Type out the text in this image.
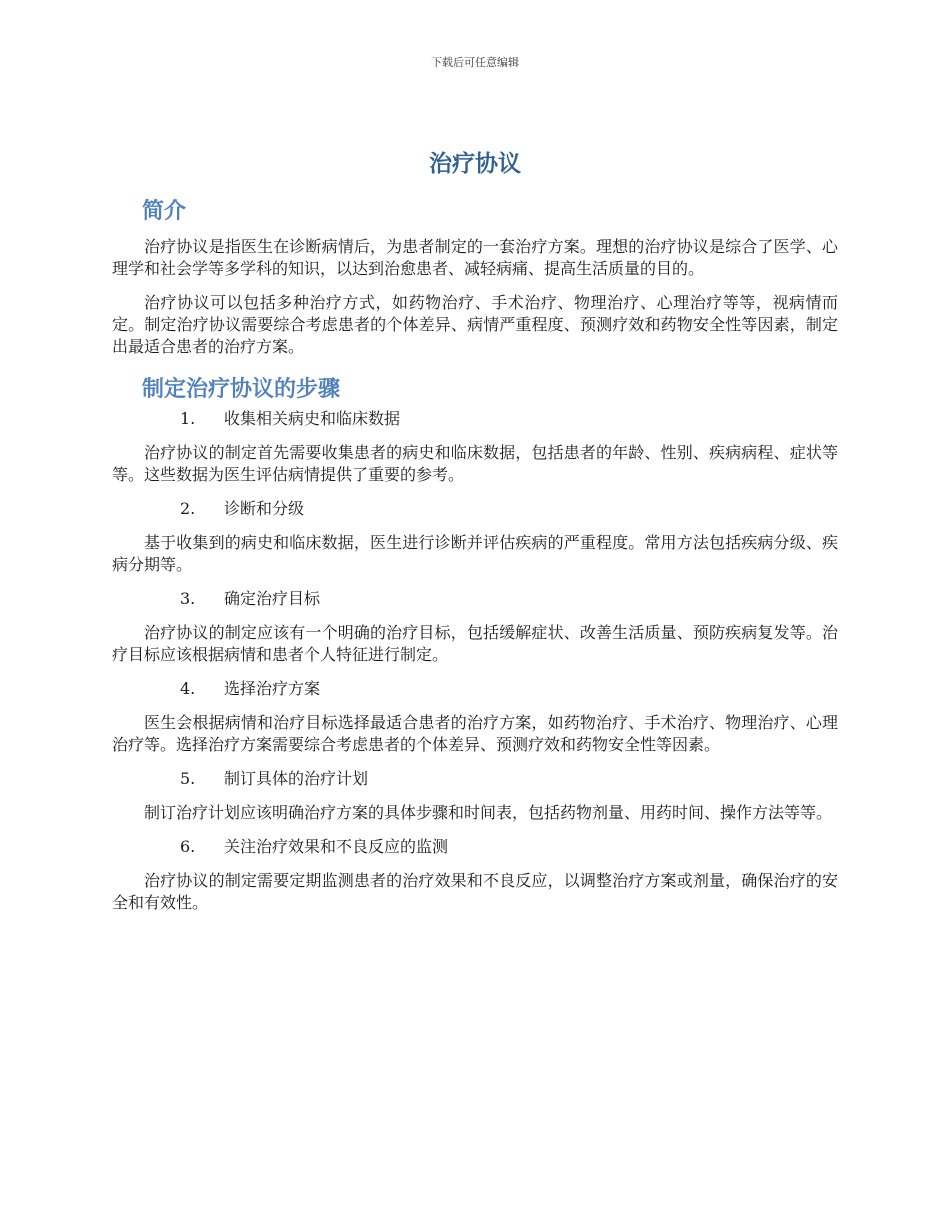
下载后可任意编辑
治疗协议
简介

治疗协议是指医生在诊断病情后，为患者制定的一套治疗方案。理想的治疗协议是综合了医学、心理学和社会学等多学科的知识，以达到治愈患者、减轻病痛、提高生活质量的目的。

治疗协议可以包括多种治疗方式，如药物治疗、手术治疗、物理治疗、心理治疗等等，视病情而定。制定治疗协议需要综合考虑患者的个体差异、病情严重程度、预测疗效和药物安全性等因素，制定出最适合患者的治疗方案。

制定治疗协议的步骤
1.	收集相关病史和临床数据

治疗协议的制定首先需要收集患者的病史和临床数据，包括患者的年龄、性别、疾病病程、症状等等。这些数据为医生评估病情提供了重要的参考。

2.	诊断和分级

基于收集到的病史和临床数据，医生进行诊断并评估疾病的严重程度。常用方法包括疾病分级、疾病分期等。

3.	确定治疗目标

治疗协议的制定应该有一个明确的治疗目标，包括缓解症状、改善生活质量、预防疾病复发等。治疗目标应该根据病情和患者个人特征进行制定。

4.	选择治疗方案

医生会根据病情和治疗目标选择最适合患者的治疗方案，如药物治疗、手术治疗、物理治疗、心理治疗等。选择治疗方案需要综合考虑患者的个体差异、预测疗效和药物安全性等因素。

5.	制订具体的治疗计划

制订治疗计划应该明确治疗方案的具体步骤和时间表，包括药物剂量、用药时间、操作方法等等。

6.	关注治疗效果和不良反应的监测

治疗协议的制定需要定期监测患者的治疗效果和不良反应，以调整治疗方案或剂量，确保治疗的安全和有效性。
